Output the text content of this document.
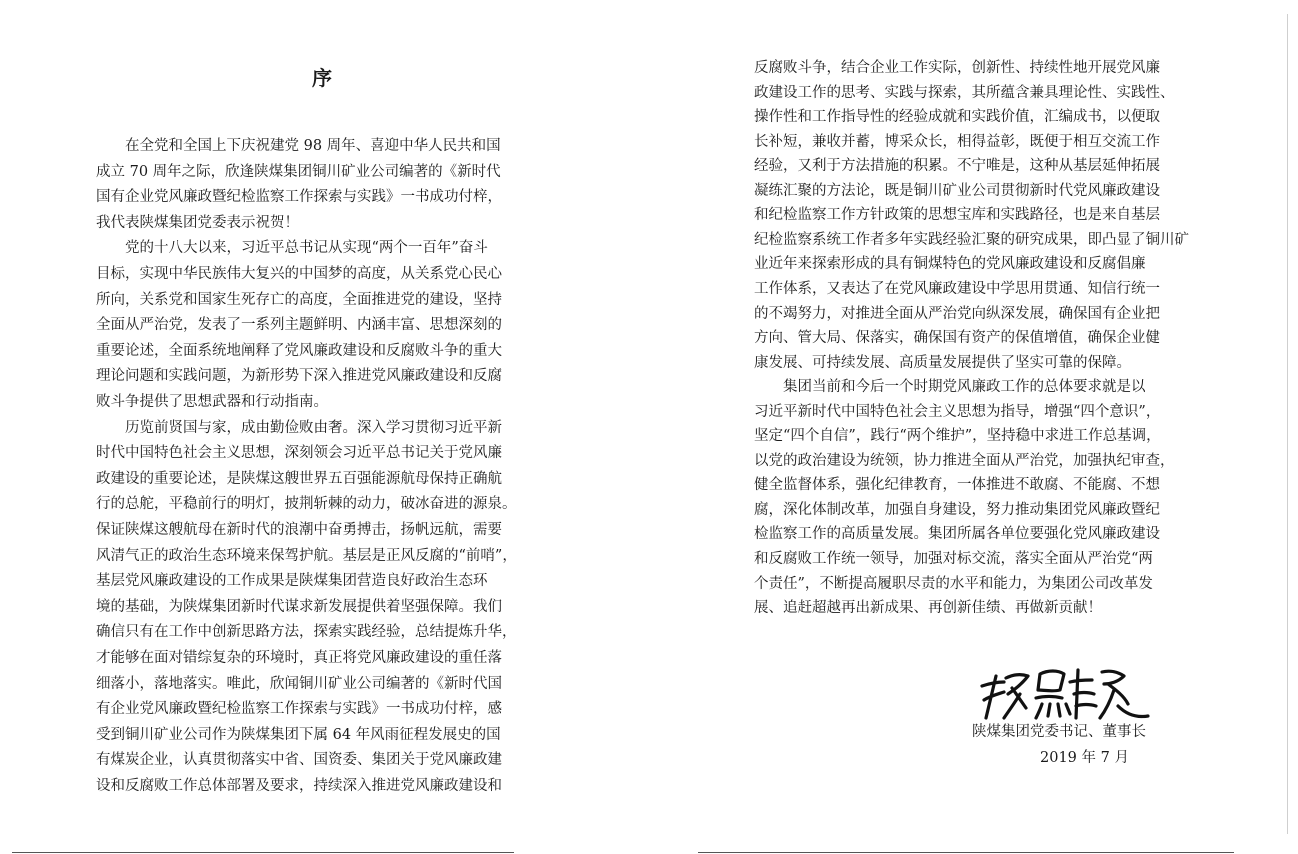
序
　　在全党和全国上下庆祝建党 98 周年、喜迎中华人民共和国
成立 70 周年之际，欣逢陕煤集团铜川矿业公司编著的《新时代
国有企业党风廉政暨纪检监察工作探索与实践》一书成功付梓，
我代表陕煤集团党委表示祝贺！
　　党的十八大以来，习近平总书记从实现“两个一百年”奋斗
目标，实现中华民族伟大复兴的中国梦的高度，从关系党心民心
所向，关系党和国家生死存亡的高度，全面推进党的建设，坚持
全面从严治党，发表了一系列主题鲜明、内涵丰富、思想深刻的
重要论述，全面系统地阐释了党风廉政建设和反腐败斗争的重大
理论问题和实践问题，为新形势下深入推进党风廉政建设和反腐
败斗争提供了思想武器和行动指南。
　　历览前贤国与家，成由勤俭败由奢。深入学习贯彻习近平新
时代中国特色社会主义思想，深刻领会习近平总书记关于党风廉
政建设的重要论述，是陕煤这艘世界五百强能源航母保持正确航
行的总舵，平稳前行的明灯，披荆斩棘的动力，破冰奋进的源泉。
保证陕煤这艘航母在新时代的浪潮中奋勇搏击，扬帆远航，需要
风清气正的政治生态环境来保驾护航。基层是正风反腐的“前哨”，
基层党风廉政建设的工作成果是陕煤集团营造良好政治生态环
境的基础，为陕煤集团新时代谋求新发展提供着坚强保障。我们
确信只有在工作中创新思路方法，探索实践经验，总结提炼升华，
才能够在面对错综复杂的环境时，真正将党风廉政建设的重任落
细落小，落地落实。唯此，欣闻铜川矿业公司编著的《新时代国
有企业党风廉政暨纪检监察工作探索与实践》一书成功付梓，感
受到铜川矿业公司作为陕煤集团下属 64 年风雨征程发展史的国
有煤炭企业，认真贯彻落实中省、国资委、集团关于党风廉政建
设和反腐败工作总体部署及要求，持续深入推进党风廉政建设和
反腐败斗争，结合企业工作实际，创新性、持续性地开展党风廉
政建设工作的思考、实践与探索，其所蕴含兼具理论性、实践性、
操作性和工作指导性的经验成就和实践价值，汇编成书，以便取
长补短，兼收并蓄，博采众长，相得益彰，既便于相互交流工作
经验，又利于方法措施的积累。不宁唯是，这种从基层延伸拓展
凝练汇聚的方法论，既是铜川矿业公司贯彻新时代党风廉政建设
和纪检监察工作方针政策的思想宝库和实践路径，也是来自基层
纪检监察系统工作者多年实践经验汇聚的研究成果，即凸显了铜川矿
业近年来探索形成的具有铜煤特色的党风廉政建设和反腐倡廉
工作体系，又表达了在党风廉政建设中学思用贯通、知信行统一
的不竭努力，对推进全面从严治党向纵深发展，确保国有企业把
方向、管大局、保落实，确保国有资产的保值增值，确保企业健
康发展、可持续发展、高质量发展提供了坚实可靠的保障。
　　集团当前和今后一个时期党风廉政工作的总体要求就是以
习近平新时代中国特色社会主义思想为指导，增强“四个意识”，
坚定“四个自信”，践行“两个维护”，坚持稳中求进工作总基调，
以党的政治建设为统领，协力推进全面从严治党，加强执纪审查，
健全监督体系，强化纪律教育，一体推进不敢腐、不能腐、不想
腐，深化体制改革，加强自身建设，努力推动集团党风廉政暨纪
检监察工作的高质量发展。集团所属各单位要强化党风廉政建设
和反腐败工作统一领导，加强对标交流，落实全面从严治党“两
个责任”，不断提高履职尽责的水平和能力，为集团公司改革发
展、追赶超越再出新成果、再创新佳绩、再做新贡献！
陕煤集团党委书记、董事长
2019 年 7 月
